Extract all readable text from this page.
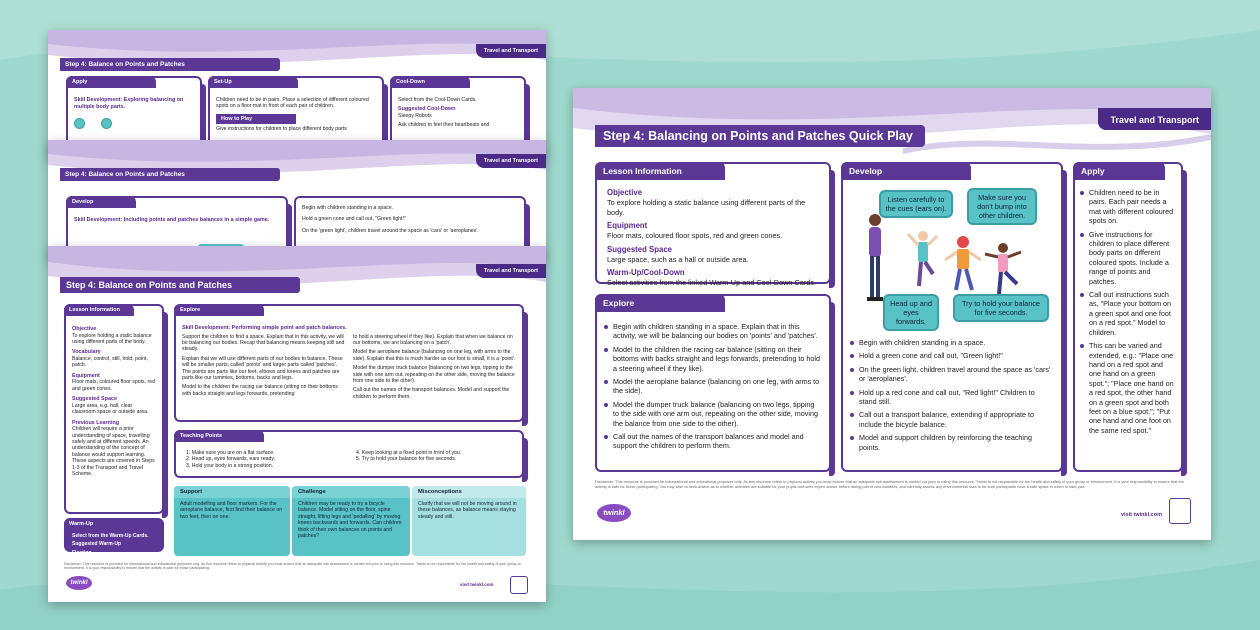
Travel and Transport
Step 4: Balance on Points and Patches
Apply
Skill Development: Exploring balancing on multiple body parts.

Set-Up
Children need to be in pairs. Place a selection of different coloured spots on a floor mat in front of each pair of children.
How to Play
Give instructions for children to place different body parts
Cool-Down
Select from the Cool-Down Cards.
Suggested Cool-Down
Sleepy Robots
Ask children to feel their heartbeats and
Travel and Transport
Step 4: Balance on Points and Patches
Develop
Skill Development: Including points and patches balances in a simple game.
Begin with children standing in a space.
Hold a green cone and call out, "Green light!"
On the 'green light', children travel around the space as 'cars' or 'aeroplanes'.
Travel and Transport
Step 4: Balance on Points and Patches
Lesson Information
Objective
To explore holding a static balance using different parts of the body.
Vocabulary
Balance, control, still, hold, point, patch.
Equipment
Floor mats, coloured floor spots, red and green cones.
Suggested Space
Large area, e.g. hall, clear classroom space or outside area.
Previous Learning
Children will require a prior understanding of space, travelling safely and at different speeds. An understanding of the concept of balance would support learning. These aspects are covered in Steps 1-3 of the Transport and Travel Scheme.
Warm-Up
Select from the Warm-Up Cards.
Suggested Warm-Up
Floating
Explore
Skill Development: Performing simple point and patch balances.
Support the children to find a space. Explain that in this activity, we will be balancing our bodies. Recap that balancing means keeping still and steady.
Explain that we will use different parts of our bodies to balance. These will be smaller parts, called 'points' and larger parts called 'patches'. The points are parts like our feet, elbows and knees and patches are parts like our tummies, bottoms, backs and legs.
Model to the children the racing car balance (sitting on their bottoms with backs straight and legs forwards, pretending
to hold a steering wheel if they like). Explain that when we balance on our bottoms, we are balancing on a 'patch'.
Model the aeroplane balance (balancing on one leg, with arms to the side). Explain that this is much harder as our foot is small, it is a 'point'.
Model the dumper truck balance (balancing on two legs, tipping to the side with one arm out, repeating on the other side, moving the balance from one side to the other).
Call out the names of the transport balances. Model and support the children to perform them.
Teaching Points
1. Make sure you are on a flat surface.
2. Head up, eyes forwards, ears ready.
3. Hold your body in a strong position.
4. Keep looking at a fixed point in front of you.
5. Try to hold your balance for five seconds.
Support
Adult modelling and floor markers. For the aeroplane balance, first find their balance on two feet, then on one.
Challenge
Children may be ready to try a bicycle balance. Model sitting on the floor, spine straight, lifting legs and 'pedalling' by moving knees backwards and forwards. Can children think of their own balances on points and patches?
Misconceptions
Clarify that we will not be moving around in these balances, as balance means staying steady and still.
Disclaimer: This resource is provided for informational and educational purposes only. As this resource refers to physical activity you must ensure that an adequate risk assessment is carried out prior to using this resource. Twinkl is not responsible for the health and safety of your group or environment. It is your responsibility to ensure that the activity is safe for those participating.
twinkl	visit twinkl.com
Travel and Transport
Step 4: Balancing on Points and Patches Quick Play
Lesson Information
Objective
To explore holding a static balance using different parts of the body.
Equipment
Floor mats, coloured floor spots, red and green cones.
Suggested Space
Large space, such as a hall or outside area.
Warm-Up/Cool-Down
Select activities from the linked Warm-Up and Cool-Down Cards.
Explore
Begin with children standing in a space. Explain that in this activity, we will be balancing our bodies on 'points' and 'patches'.
Model to the children the racing car balance (sitting on their bottoms with backs straight and legs forwards, pretending to hold a steering wheel if they like).
Model the aeroplane balance (balancing on one leg, with arms to the side).
Model the dumper truck balance (balancing on two legs, tipping to the side with one arm out, repeating on the other side, moving the balance from one side to the other).
Call out the names of the transport balances and model and support the children to perform them.
Develop
Listen carefully to the cues (ears on).
Make sure you don't bump into other children.
Head up and eyes forwards.
Try to hold your balance for five seconds.
Begin with children standing in a space.
Hold a green cone and call out, "Green light!"
On the green light, children travel around the space as 'cars' or 'aeroplanes'.
Hold up a red cone and call out, "Red light!" Children to stand still.
Call out a transport balance, extending if appropriate to include the bicycle balance.
Model and support children by reinforcing the teaching points.
Apply
Children need to be in pairs. Each pair needs a mat with different coloured spots on.
Give instructions for children to place different body parts on different coloured spots. Include a range of points and patches.
Call out instructions such as, "Place your bottom on a green spot and one foot on a red spot." Model to children.
This can be varied and extended, e.g.: "Place one hand on a red spot and one hand on a green spot."; "Place one hand on a red spot, the other hand on a green spot and both feet on a blue spot."; "Put one hand and one foot on the same red spot."
Disclaimer: This resource is provided for informational and educational purposes only. As this resource refers to physical activity you must ensure that an adequate risk assessment is carried out prior to using this resource. Twinkl is not responsible for the health and safety of your group or environment. It is your responsibility to ensure that the activity is safe for those participating. You may wish to seek advice as to whether activities are suitable for your pupils and seek expert advice before taking part in new activities, and carefully assess any environmental risks to be sure participants have a safe space in which to take part.
twinkl	visit twinkl.com
